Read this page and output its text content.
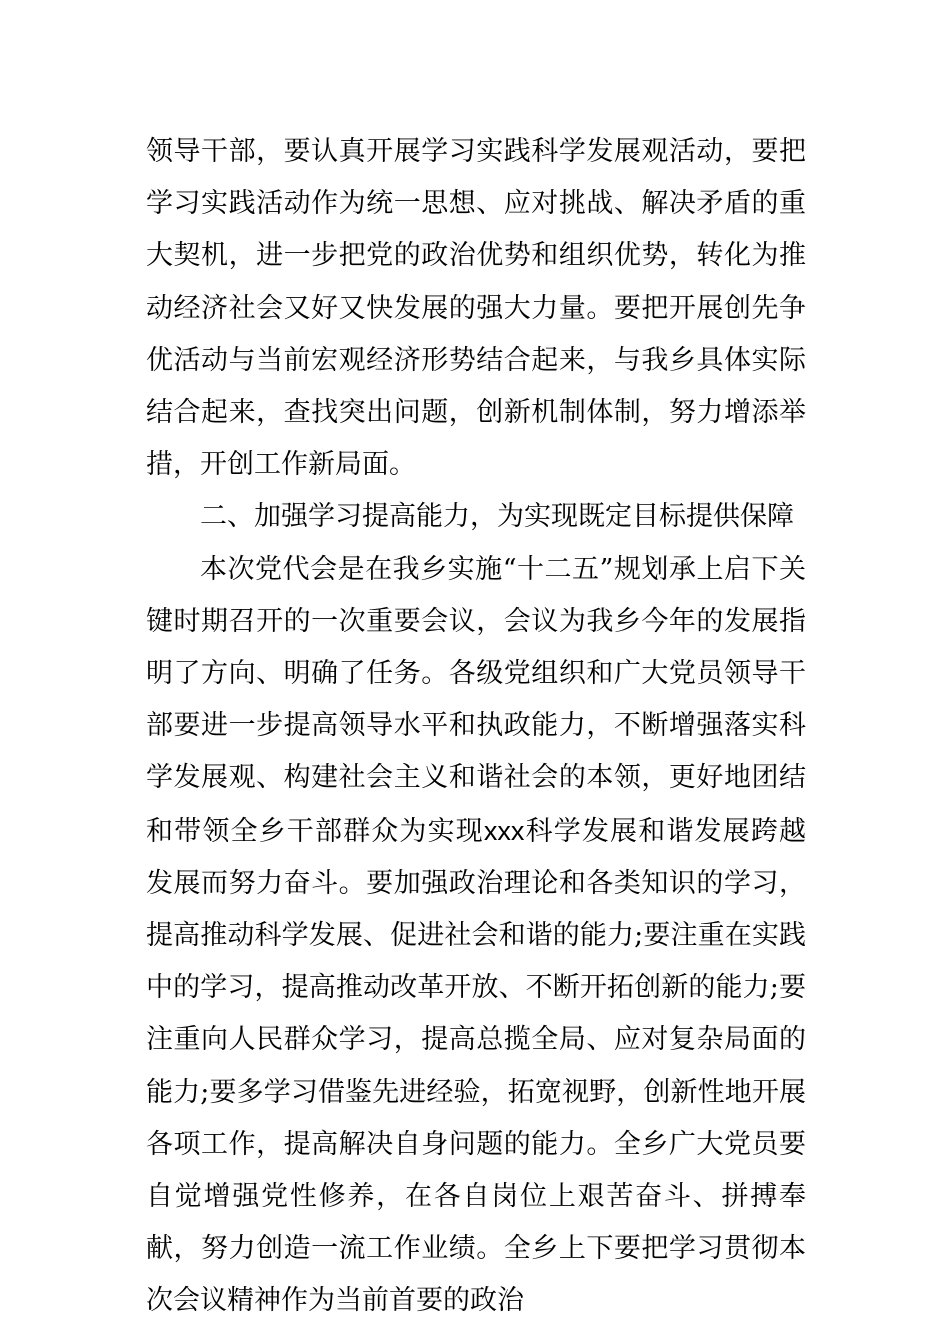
领导干部，要认真开展学习实践科学发展观活动，要把学习实践活动作为统一思想、应对挑战、解决矛盾的重大契机，进一步把党的政治优势和组织优势，转化为推动经济社会又好又快发展的强大力量。要把开展创先争优活动与当前宏观经济形势结合起来，与我乡具体实际结合起来，查找突出问题，创新机制体制，努力增添举措，开创工作新局面。

二、加强学习提高能力，为实现既定目标提供保障

本次党代会是在我乡实施“十二五”规划承上启下关键时期召开的一次重要会议，会议为我乡今年的发展指明了方向、明确了任务。各级党组织和广大党员领导干部要进一步提高领导水平和执政能力，不断增强落实科学发展观、构建社会主义和谐社会的本领，更好地团结和带领全乡干部群众为实现xxx科学发展和谐发展跨越发展而努力奋斗。要加强政治理论和各类知识的学习，提高推动科学发展、促进社会和谐的能力;要注重在实践中的学习，提高推动改革开放、不断开拓创新的能力;要注重向人民群众学习，提高总揽全局、应对复杂局面的能力;要多学习借鉴先进经验，拓宽视野，创新性地开展各项工作，提高解决自身问题的能力。全乡广大党员要自觉增强党性修养，在各自岗位上艰苦奋斗、拼搏奉献，努力创造一流工作业绩。全乡上下要把学习贯彻本次会议精神作为当前首要的政治
